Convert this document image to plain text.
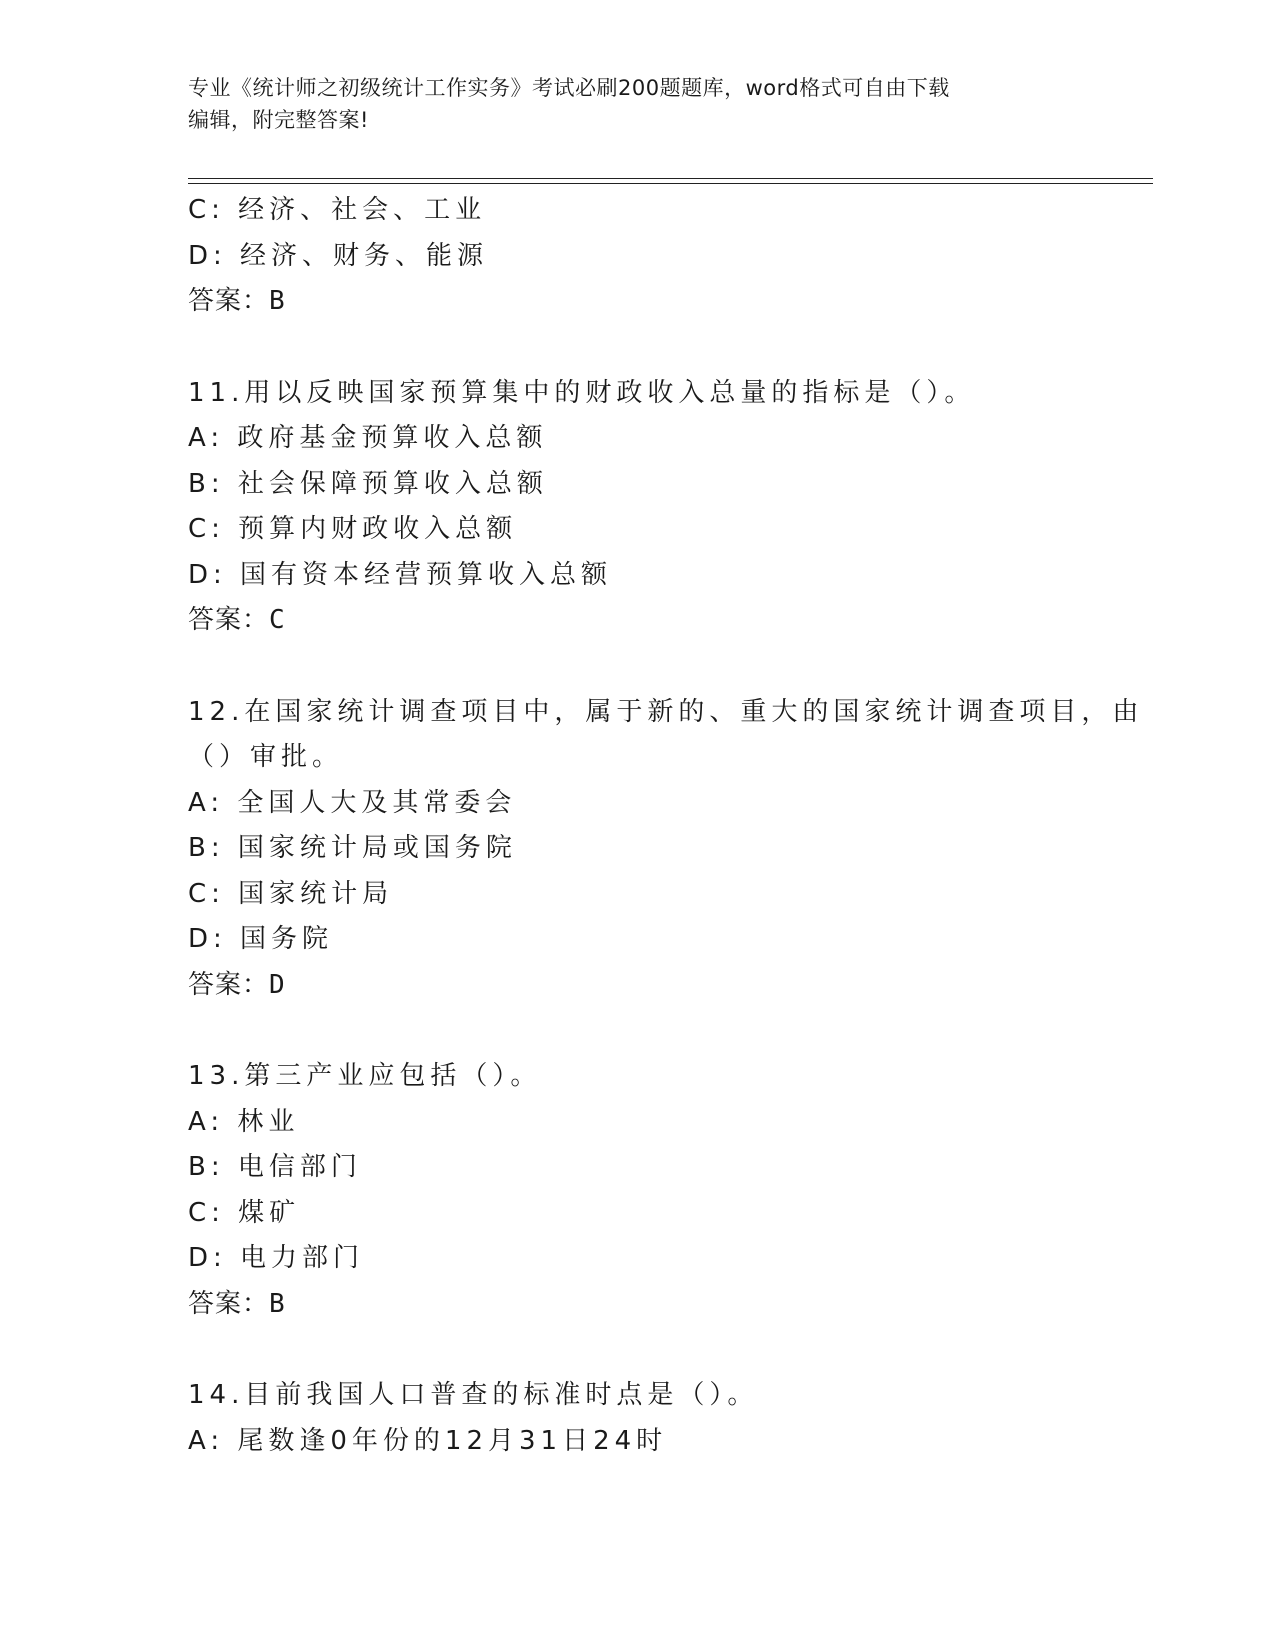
专业《统计师之初级统计工作实务》考试必刷200题题库，word格式可自由下载
编辑，附完整答案!
C: 经济、社会、工业
D: 经济、财务、能源
答案：B
11.用以反映国家预算集中的财政收入总量的指标是（）。
A: 政府基金预算收入总额
B: 社会保障预算收入总额
C: 预算内财政收入总额
D: 国有资本经营预算收入总额
答案：C
12.在国家统计调查项目中，属于新的、重大的国家统计调查项目，由
（）审批。
A: 全国人大及其常委会
B: 国家统计局或国务院
C: 国家统计局
D: 国务院
答案：D
13.第三产业应包括（）。
A: 林业
B: 电信部门
C: 煤矿
D: 电力部门
答案：B
14.目前我国人口普查的标准时点是（）。
A: 尾数逢0年份的12月31日24时
